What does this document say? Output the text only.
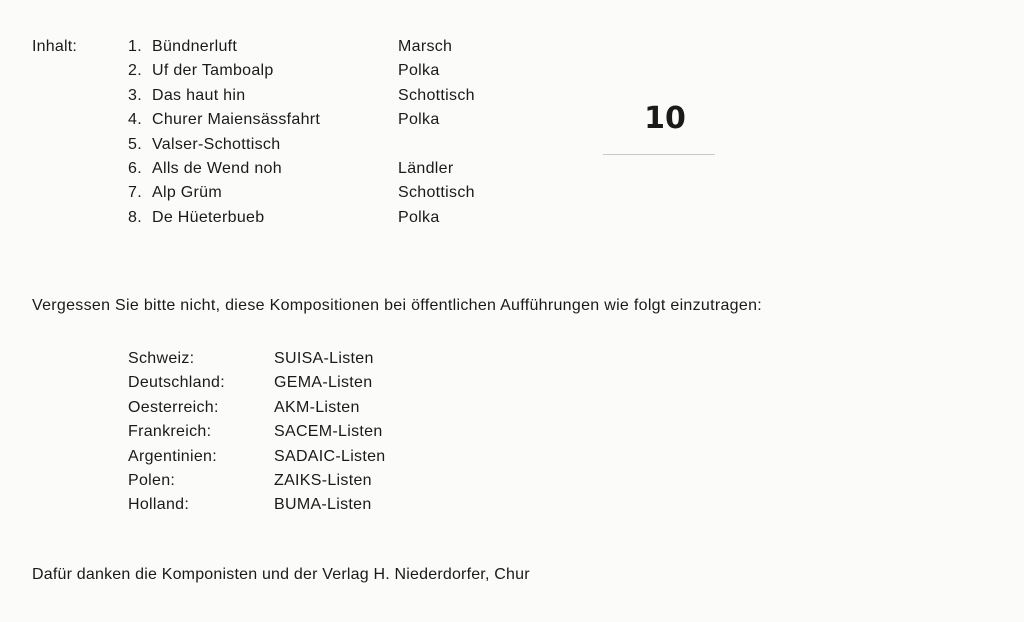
Inhalt:	1. Bündnerluft	Marsch
2. Uf der Tamboalp	Polka
3. Das haut hin	Schottisch
4. Churer Maiensässfahrt	Polka
5. Valser-Schottisch
6. Alls de Wend noh	Ländler
7. Alp Grüm	Schottisch
8. De Hüeterbueb	Polka
10
Vergessen Sie bitte nicht, diese Kompositionen bei öffentlichen Aufführungen wie folgt einzutragen:
Schweiz:	SUISA-Listen
Deutschland:	GEMA-Listen
Oesterreich:	AKM-Listen
Frankreich:	SACEM-Listen
Argentinien:	SADAIC-Listen
Polen:	ZAIKS-Listen
Holland:	BUMA-Listen
Dafür danken die Komponisten und der Verlag H. Niederdorfer, Chur
